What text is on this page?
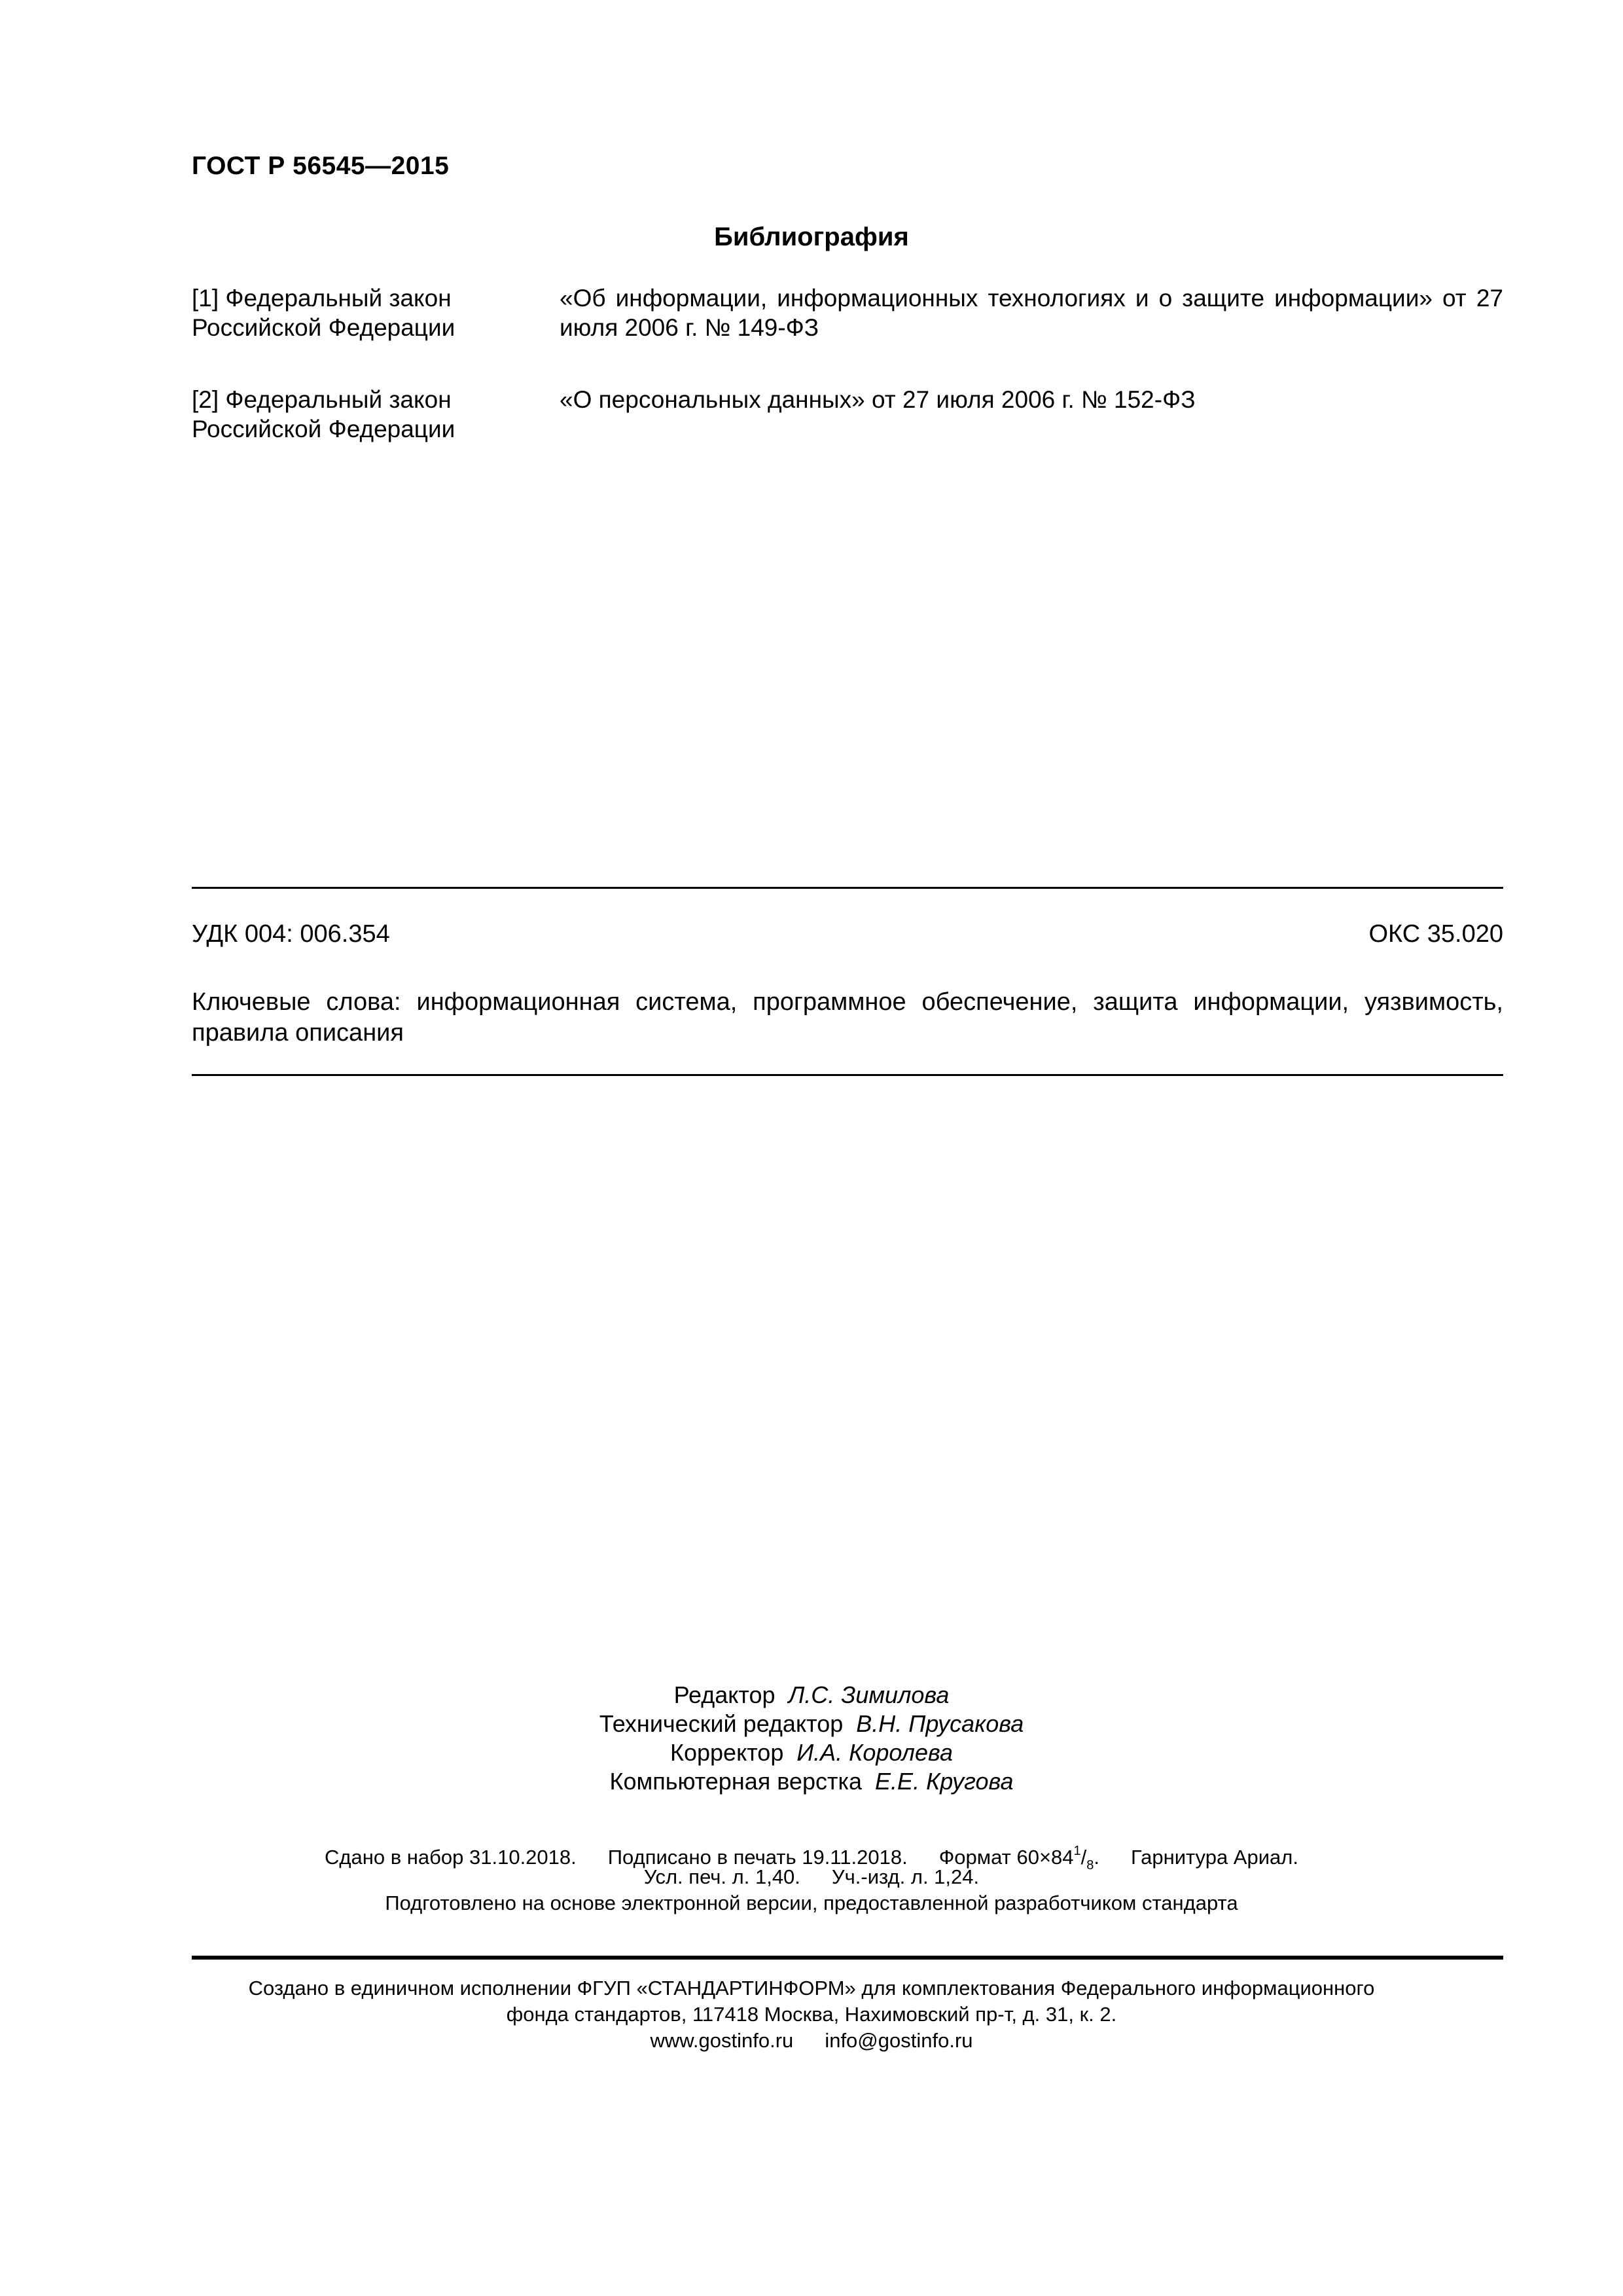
ГОСТ Р 56545—2015
Библиография
[1] Федеральный закон Российской Федерации
«Об информации, информационных технологиях и о защите информации» от 27 июля 2006 г. № 149-ФЗ
[2] Федеральный закон Российской Федерации
«О персональных данных» от 27 июля 2006 г. № 152-ФЗ
УДК 004: 006.354	ОКС 35.020
Ключевые слова: информационная система, программное обеспечение, защита информации, уязвимость, правила описания
Редактор Л.С. Зимилова
Технический редактор В.Н. Прусакова
Корректор И.А. Королева
Компьютерная верстка Е.Е. Кругова
Сдано в набор 31.10.2018. Подписано в печать 19.11.2018. Формат $60\times 84^1/_8$. Гарнитура Ариал.
Усл. печ. л. 1,40. Уч.-изд. л. 1,24.
Подготовлено на основе электронной версии, предоставленной разработчиком стандарта
Создано в единичном исполнении ФГУП «СТАНДАРТИНФОРМ» для комплектования Федерального информационного
фонда стандартов, 117418 Москва, Нахимовский пр-т, д. 31, к. 2.
www.gostinfo.ru info@gostinfo.ru
